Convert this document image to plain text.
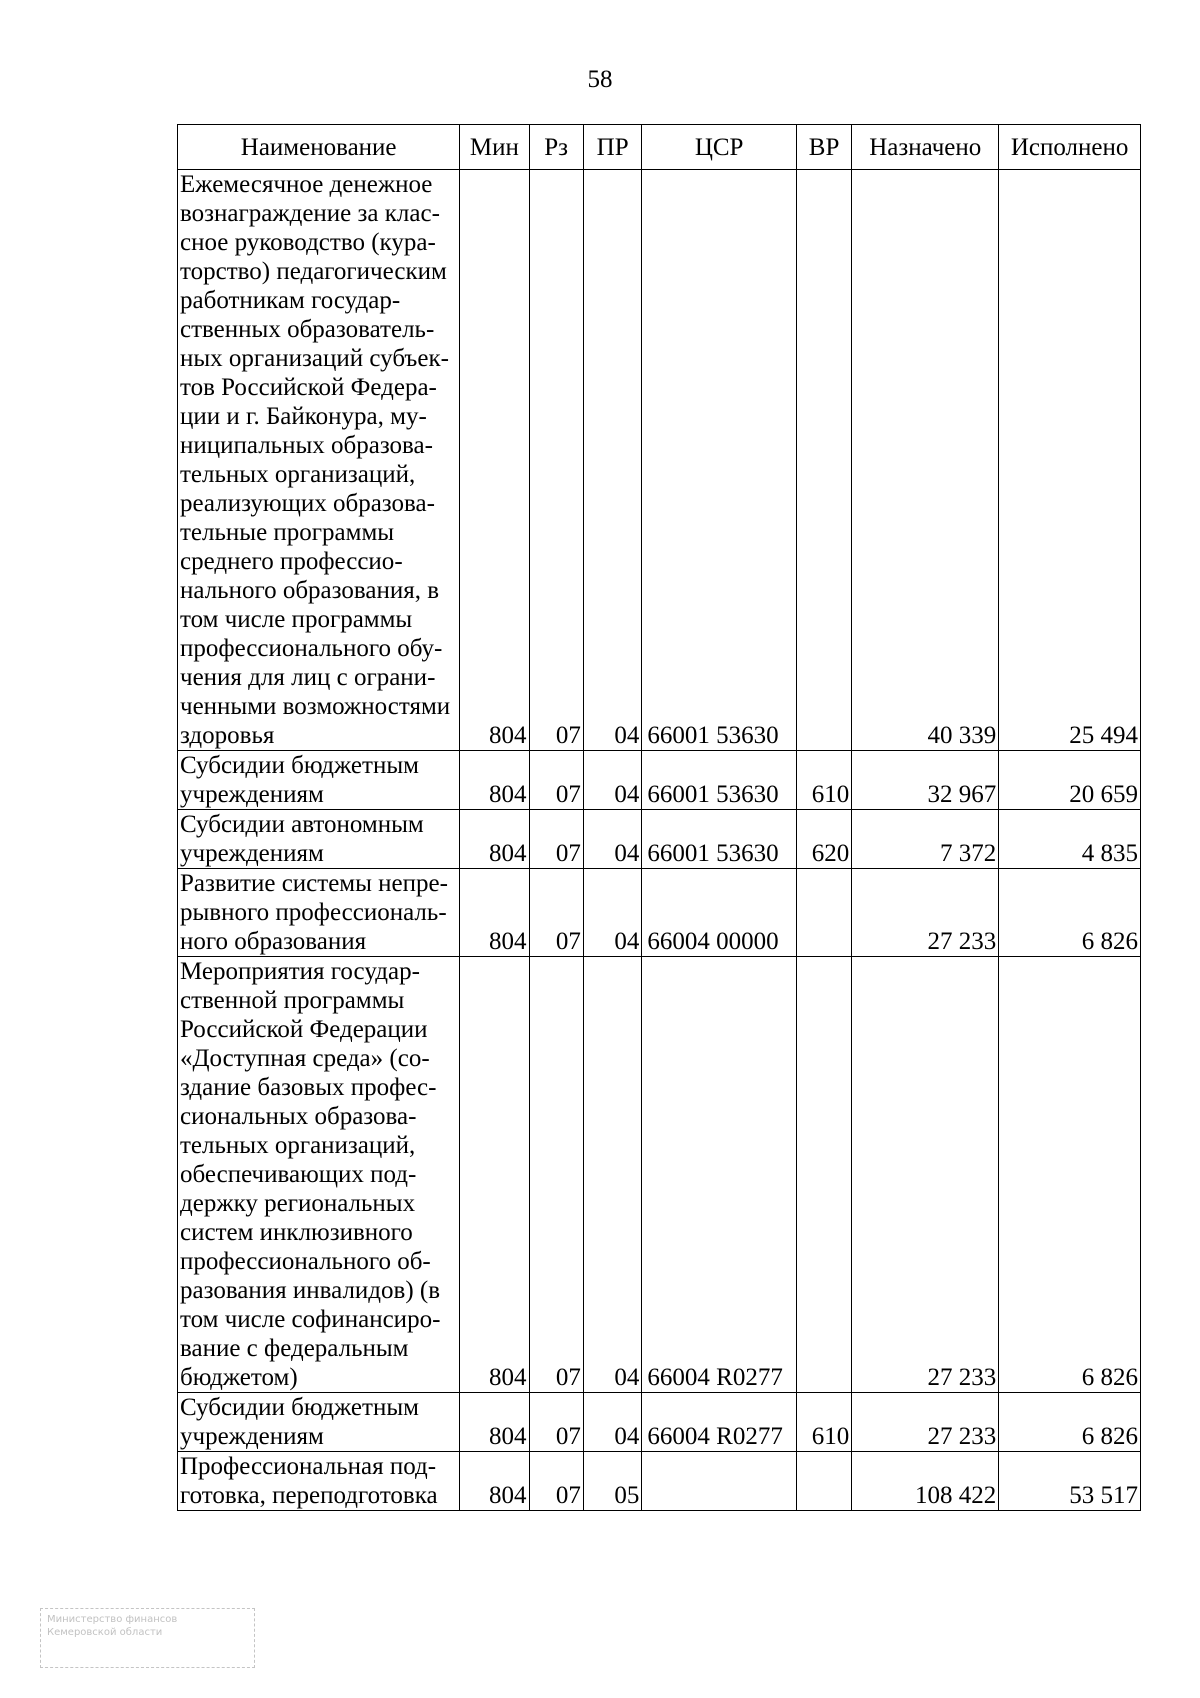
58
Наименование	Мин	Рз	ПР	ЦСР	ВР	Назначено	Исполнено
Ежемесячное денежное вознаграждение за классное руководство (кураторство) педагогическим работникам государственных образовательных организаций субъектов Российской Федерации и г. Байконура, муниципальных образовательных организаций, реализующих образовательные программы среднего профессионального образования, в том числе программы профессионального обучения для лиц с ограниченными возможностями здоровья	804	07	04	66001 53630		40 339	25 494
Субсидии бюджетным учреждениям	804	07	04	66001 53630	610	32 967	20 659
Субсидии автономным учреждениям	804	07	04	66001 53630	620	7 372	4 835
Развитие системы непрерывного профессионального образования	804	07	04	66004 00000		27 233	6 826
Мероприятия государственной программы Российской Федерации «Доступная среда» (создание базовых профессиональных образовательных организаций, обеспечивающих поддержку региональных систем инклюзивного профессионального образования инвалидов) (в том числе софинансирование с федеральным бюджетом)	804	07	04	66004 R0277		27 233	6 826
Субсидии бюджетным учреждениям	804	07	04	66004 R0277	610	27 233	6 826
Профессиональная подготовка, переподготовка	804	07	05			108 422	53 517
Министерство финансов
Кемеровской области
